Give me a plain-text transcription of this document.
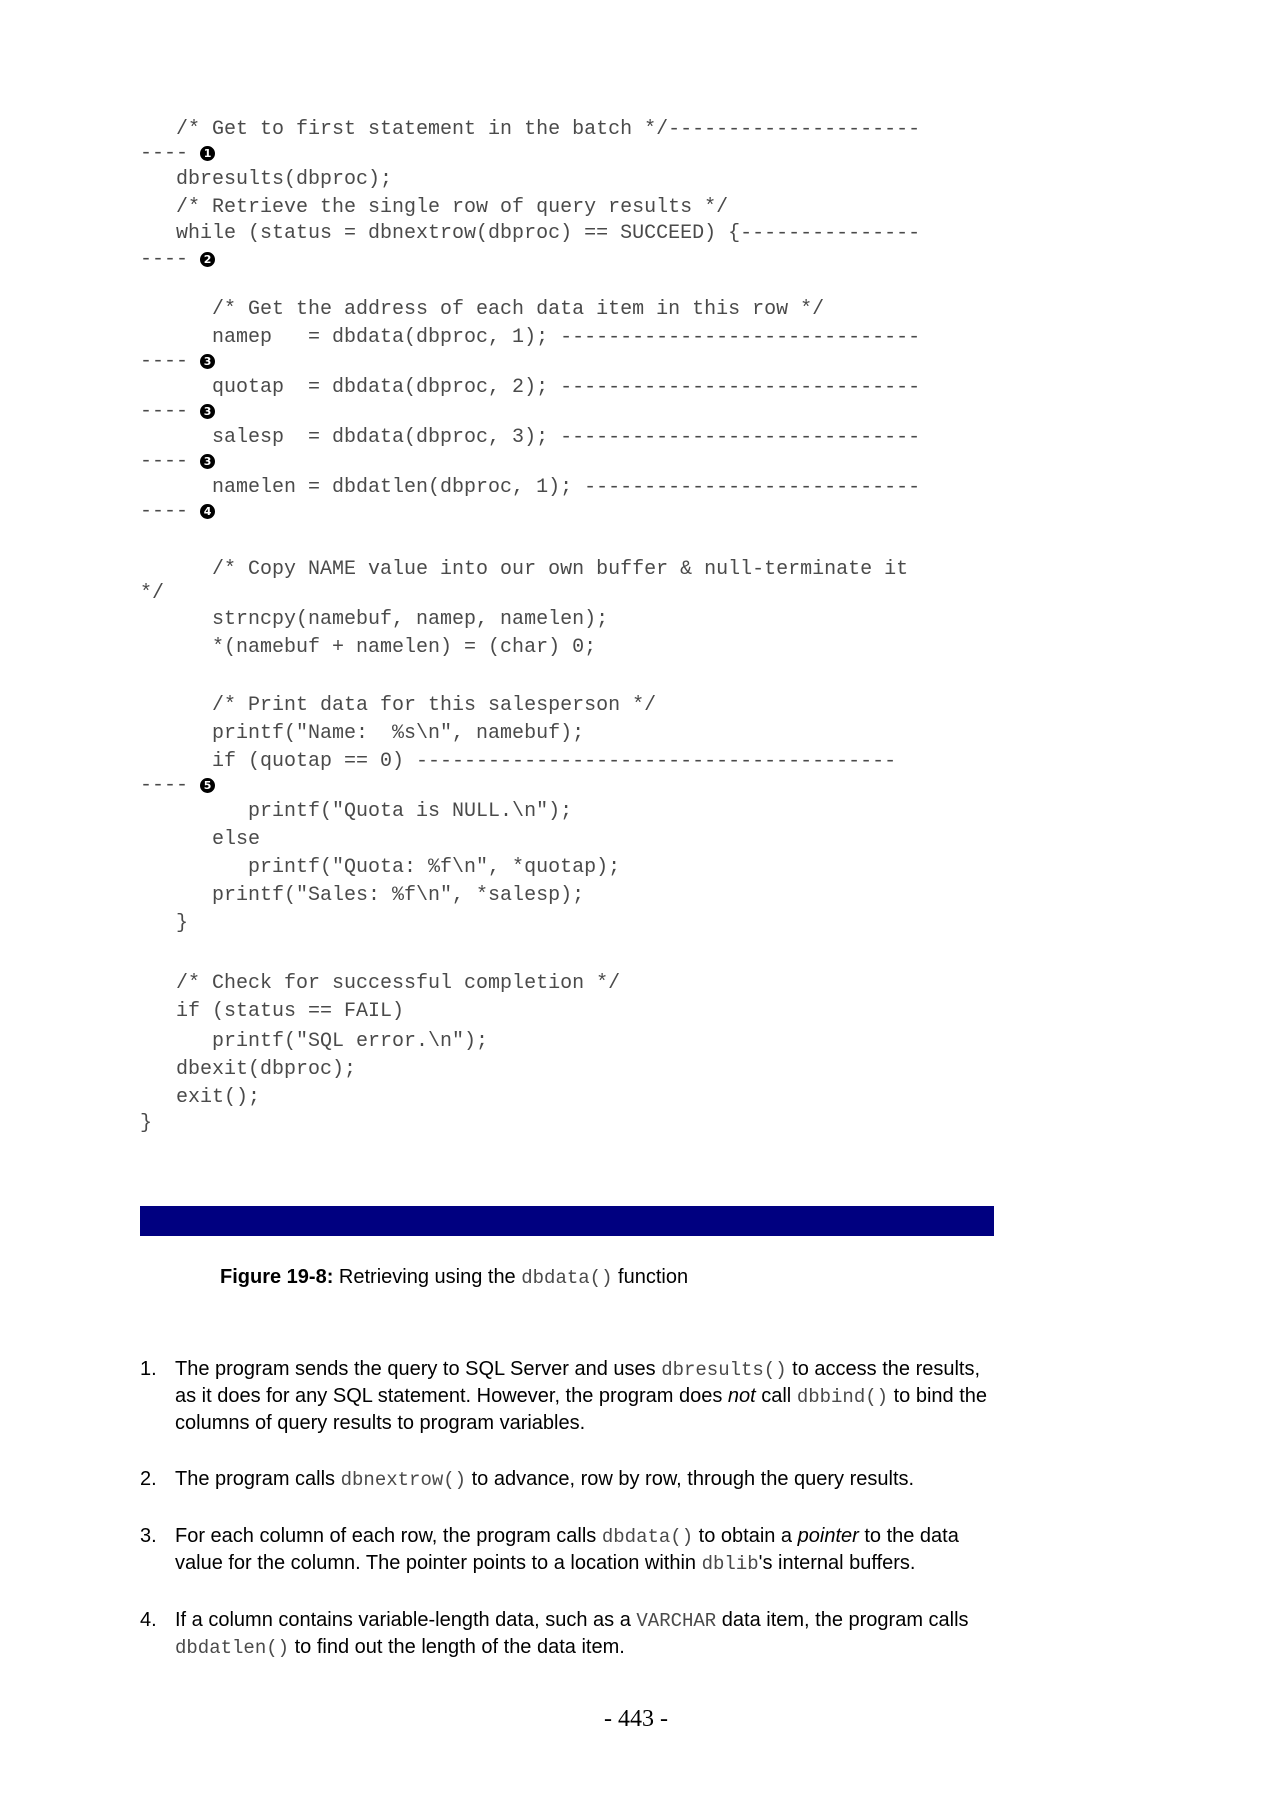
/* Get to first statement in the batch */---------------------
---- 1
dbresults(dbproc);
/* Retrieve the single row of query results */
while (status = dbnextrow(dbproc) == SUCCEED) {---------------
---- 2
/* Get the address of each data item in this row */
namep   = dbdata(dbproc, 1); ------------------------------
---- 3
quotap  = dbdata(dbproc, 2); ------------------------------
---- 3
salesp  = dbdata(dbproc, 3); ------------------------------
---- 3
namelen = dbdatlen(dbproc, 1); ----------------------------
---- 4
/* Copy NAME value into our own buffer & null-terminate it
*/
strncpy(namebuf, namep, namelen);
*(namebuf + namelen) = (char) 0;
/* Print data for this salesperson */
printf("Name:  %s\n", namebuf);
if (quotap == 0) ----------------------------------------
---- 5
printf("Quota is NULL.\n");
else
printf("Quota: %f\n", *quotap);
printf("Sales: %f\n", *salesp);
}
/* Check for successful completion */
if (status == FAIL)
printf("SQL error.\n");
dbexit(dbproc);
exit();
}
Figure 19-8: Retrieving using the dbdata() function
1. The program sends the query to SQL Server and uses dbresults() to access the results, as it does for any SQL statement. However, the program does not call dbbind() to bind the columns of query results to program variables.
2. The program calls dbnextrow() to advance, row by row, through the query results.
3. For each column of each row, the program calls dbdata() to obtain a pointer to the data value for the column. The pointer points to a location within dblib's internal buffers.
4. If a column contains variable-length data, such as a VARCHAR data item, the program calls dbdatlen() to find out the length of the data item.
- 443 -
